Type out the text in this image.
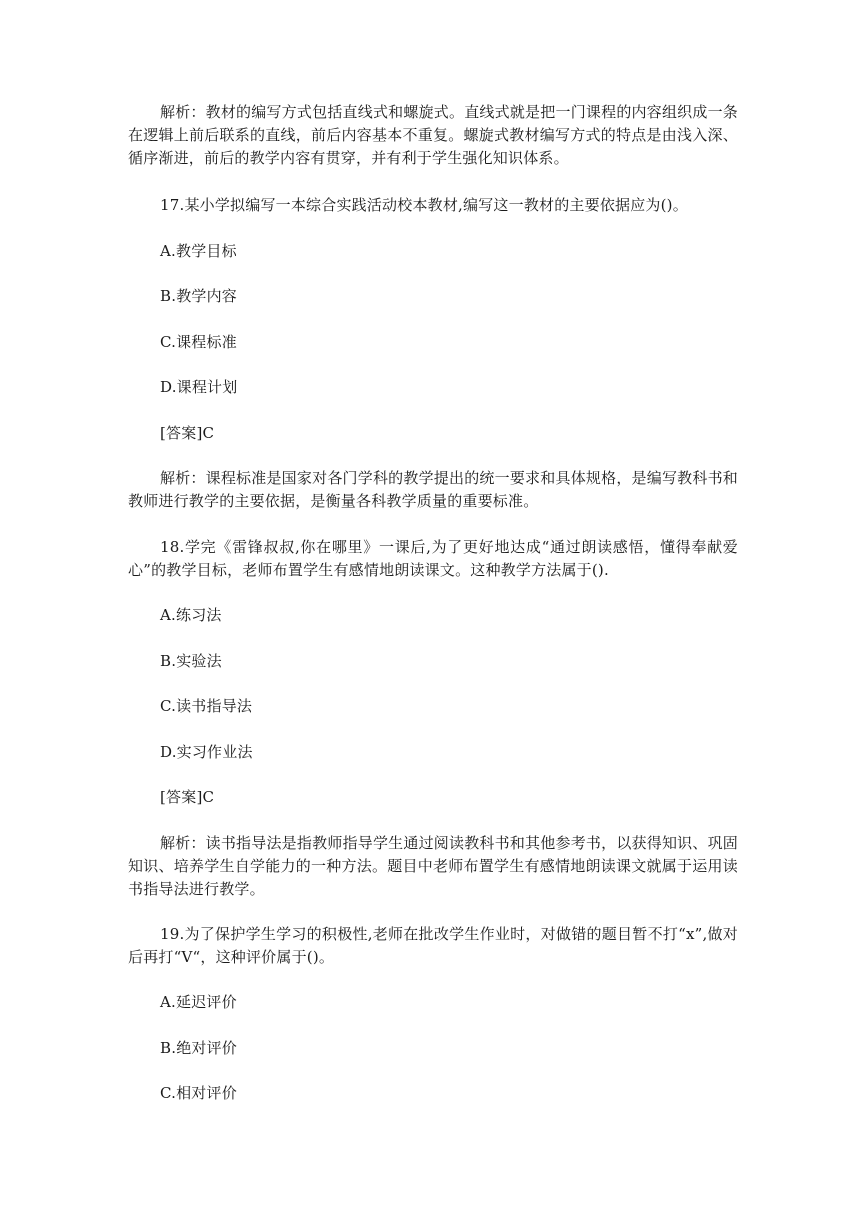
解析：教材的编写方式包括直线式和螺旋式。直线式就是把一门课程的内容组织成一条在逻辑上前后联系的直线，前后内容基本不重复。螺旋式教材编写方式的特点是由浅入深、循序渐进，前后的教学内容有贯穿，并有利于学生强化知识体系。

17.某小学拟编写一本综合实践活动校本教材,编写这一教材的主要依据应为()。

A.教学目标

B.教学内容

C.课程标准

D.课程计划

[答案]C

解析：课程标准是国家对各门学科的教学提出的统一要求和具体规格，是编写教科书和教师进行教学的主要依据，是衡量各科教学质量的重要标准。

18.学完《雷锋叔叔,你在哪里》一课后,为了更好地达成“通过朗读感悟，懂得奉献爱心”的教学目标，老师布置学生有感情地朗读课文。这种教学方法属于().

A.练习法

B.实验法

C.读书指导法

D.实习作业法

[答案]C

解析：读书指导法是指教师指导学生通过阅读教科书和其他参考书，以获得知识、巩固知识、培养学生自学能力的一种方法。题目中老师布置学生有感情地朗读课文就属于运用读书指导法进行教学。

19.为了保护学生学习的积极性,老师在批改学生作业时，对做错的题目暂不打“x”,做对后再打“V“，这种评价属于()。

A.延迟评价

B.绝对评价

C.相对评价
